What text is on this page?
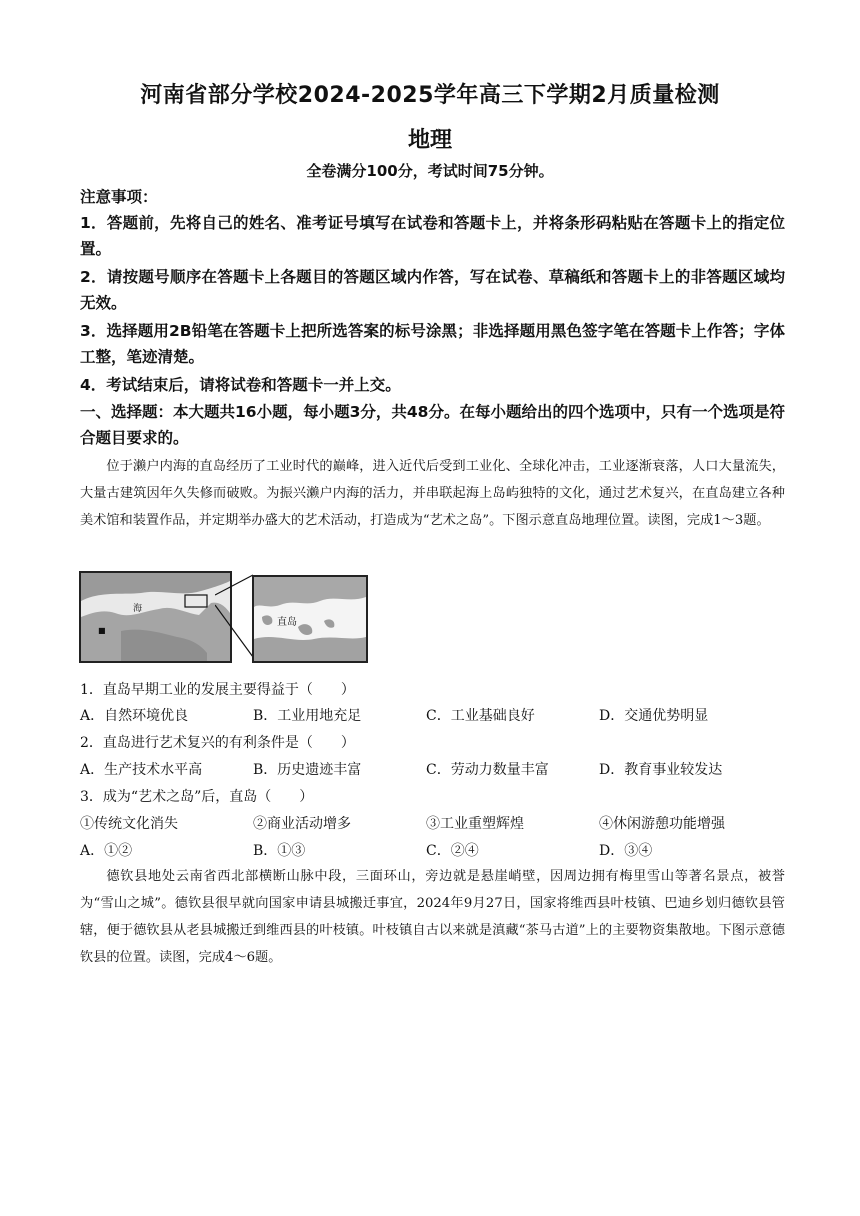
河南省部分学校2024-2025学年高三下学期2月质量检测
地理
全卷满分100分，考试时间75分钟。
注意事项：
1．答题前，先将自己的姓名、准考证号填写在试卷和答题卡上，并将条形码粘贴在答题卡上的指定位置。
2．请按题号顺序在答题卡上各题目的答题区域内作答，写在试卷、草稿纸和答题卡上的非答题区域均无效。
3．选择题用2B铅笔在答题卡上把所选答案的标号涂黑；非选择题用黑色签字笔在答题卡上作答；字体工整，笔迹清楚。
4．考试结束后，请将试卷和答题卡一并上交。
一、选择题：本大题共16小题，每小题3分，共48分。在每小题给出的四个选项中，只有一个选项是符合题目要求的。
位于濑户内海的直岛经历了工业时代的巅峰，进入近代后受到工业化、全球化冲击，工业逐渐衰落，人口大量流失，大量古建筑因年久失修而破败。为振兴濑户内海的活力，并串联起海上岛屿独特的文化，通过艺术复兴，在直岛建立各种美术馆和装置作品，并定期举办盛大的艺术活动，打造成为“艺术之岛”。下图示意直岛地理位置。读图，完成1～3题。
海
■
直岛
1．直岛早期工业的发展主要得益于（　　）
A．自然环境优良	B．工业用地充足	C．工业基础良好	D．交通优势明显
2．直岛进行艺术复兴的有利条件是（　　）
A．生产技术水平高	B．历史遗迹丰富	C．劳动力数量丰富	D．教育事业较发达
3．成为“艺术之岛”后，直岛（　　）
①传统文化消失	②商业活动增多	③工业重塑辉煌	④休闲游憩功能增强
A．①②	B．①③	C．②④	D．③④
德钦县地处云南省西北部横断山脉中段，三面环山，旁边就是悬崖峭壁，因周边拥有梅里雪山等著名景点，被誉为“雪山之城”。德钦县很早就向国家申请县城搬迁事宜，2024年9月27日，国家将维西县叶枝镇、巴迪乡划归德钦县管辖，便于德钦县从老县城搬迁到维西县的叶枝镇。叶枝镇自古以来就是滇藏“茶马古道”上的主要物资集散地。下图示意德钦县的位置。读图，完成4～6题。
